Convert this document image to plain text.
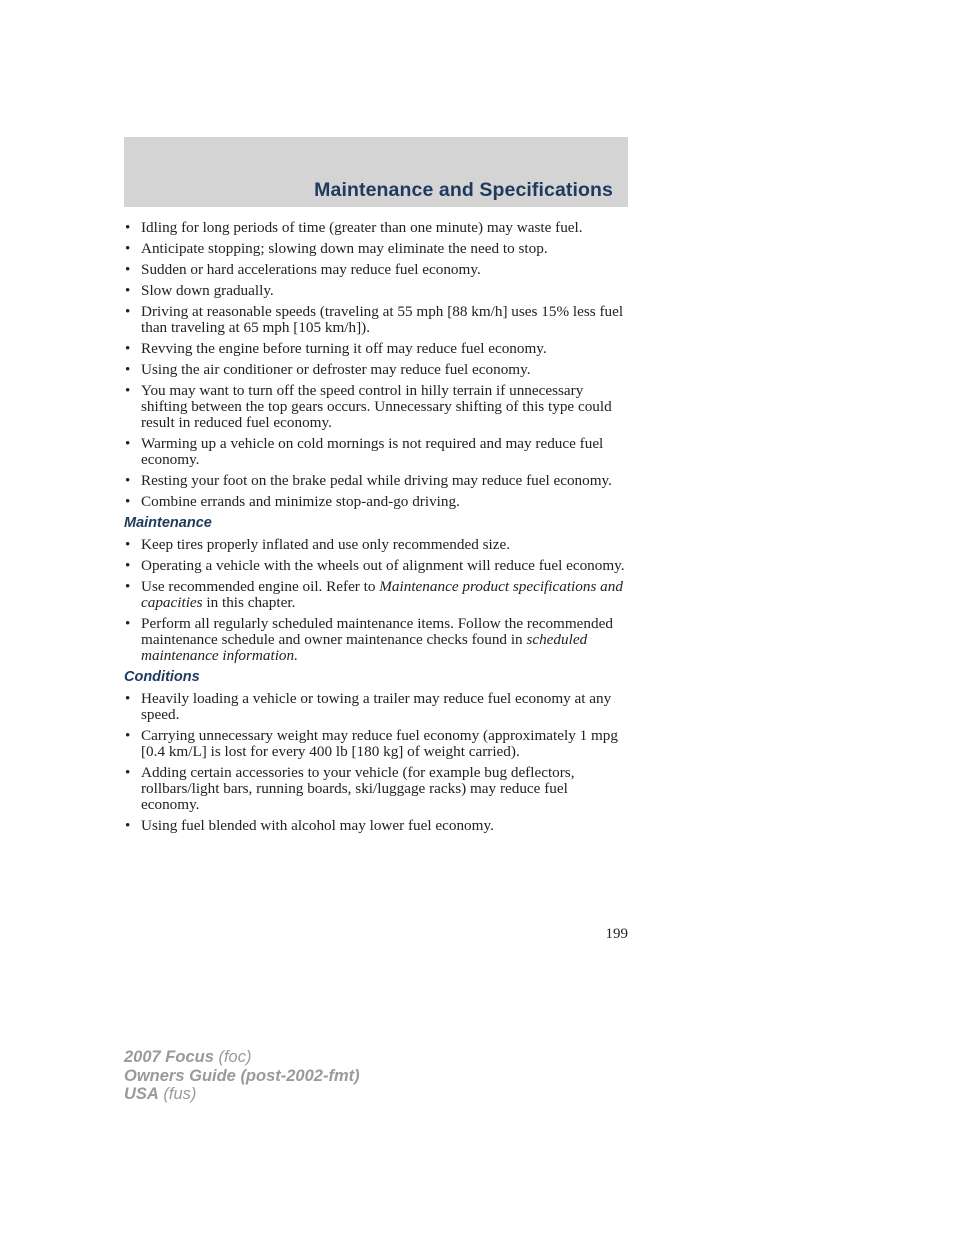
Maintenance and Specifications
• Idling for long periods of time (greater than one minute) may waste fuel.
• Anticipate stopping; slowing down may eliminate the need to stop.
• Sudden or hard accelerations may reduce fuel economy.
• Slow down gradually.
• Driving at reasonable speeds (traveling at 55 mph [88 km/h] uses 15% less fuel than traveling at 65 mph [105 km/h]).
• Revving the engine before turning it off may reduce fuel economy.
• Using the air conditioner or defroster may reduce fuel economy.
• You may want to turn off the speed control in hilly terrain if unnecessary shifting between the top gears occurs. Unnecessary shifting of this type could result in reduced fuel economy.
• Warming up a vehicle on cold mornings is not required and may reduce fuel economy.
• Resting your foot on the brake pedal while driving may reduce fuel economy.
• Combine errands and minimize stop-and-go driving.
Maintenance
• Keep tires properly inflated and use only recommended size.
• Operating a vehicle with the wheels out of alignment will reduce fuel economy.
• Use recommended engine oil. Refer to Maintenance product specifications and capacities in this chapter.
• Perform all regularly scheduled maintenance items. Follow the recommended maintenance schedule and owner maintenance checks found in scheduled maintenance information.
Conditions
• Heavily loading a vehicle or towing a trailer may reduce fuel economy at any speed.
• Carrying unnecessary weight may reduce fuel economy (approximately 1 mpg [0.4 km/L] is lost for every 400 lb [180 kg] of weight carried).
• Adding certain accessories to your vehicle (for example bug deflectors, rollbars/light bars, running boards, ski/luggage racks) may reduce fuel economy.
• Using fuel blended with alcohol may lower fuel economy.
199
2007 Focus (foc)
Owners Guide (post-2002-fmt)
USA (fus)
